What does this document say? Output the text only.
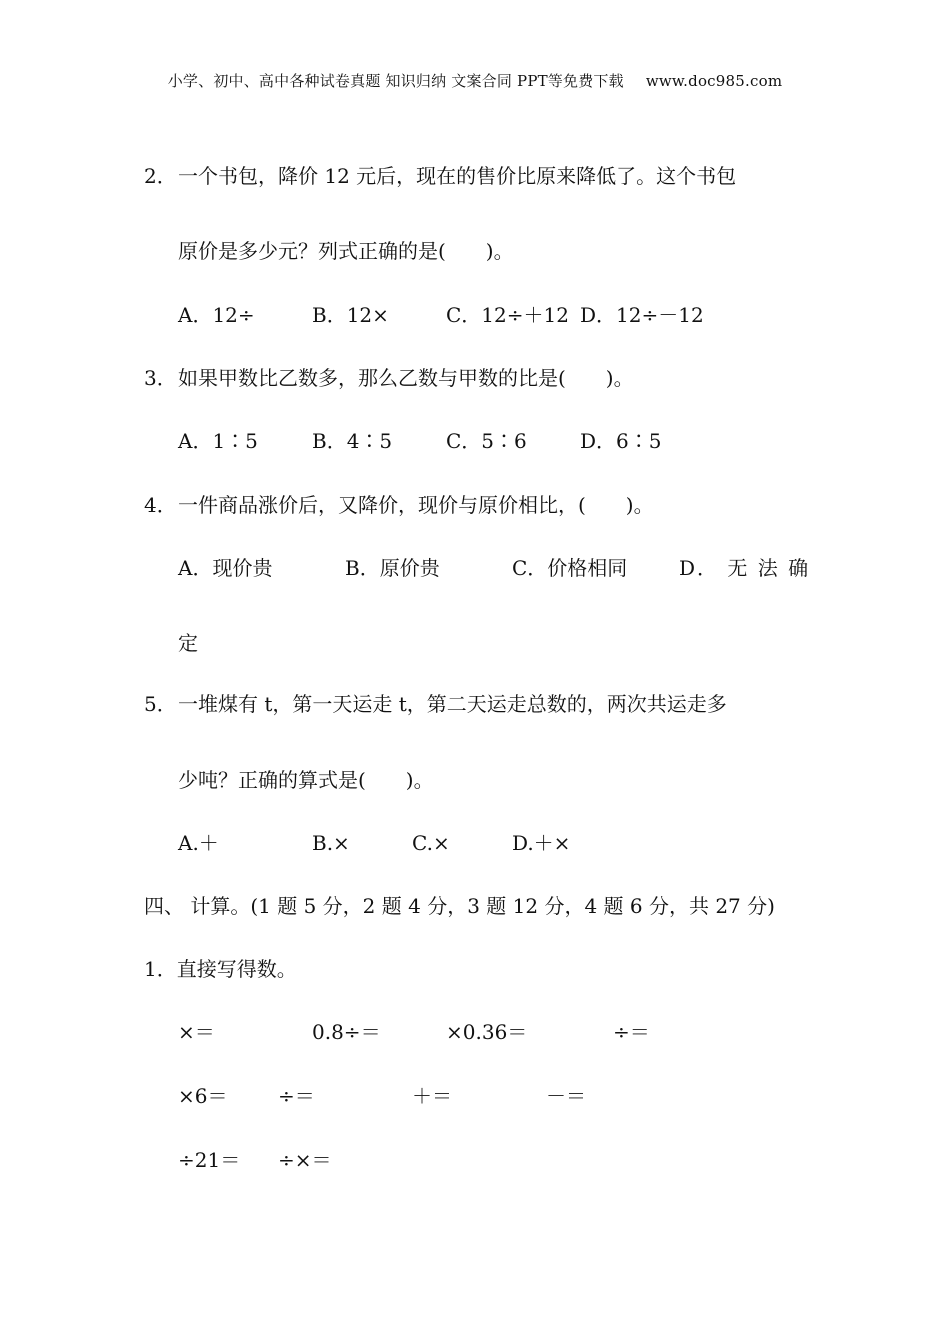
小学、初中、高中各种试卷真题 知识归纳 文案合同 PPT等免费下载 www.doc985.com
2．一个书包，降价 12 元后，现在的售价比原来降低了。这个书包
原价是多少元？列式正确的是(　　)。
A．12÷	B．12×	C．12÷＋12 D．12÷－12
3．如果甲数比乙数多，那么乙数与甲数的比是(　　)。
A．1∶5	B．4∶5	C．5∶6	D．6∶5
4．一件商品涨价后，又降价，现价与原价相比，(　　)。
A．现价贵	B．原价贵	C．价格相同	D． 无 法 确
定
5．一堆煤有 t，第一天运走 t，第二天运走总数的，两次共运走多
少吨？正确的算式是(　　)。
A.＋	B.×	C.×	D.＋×
四、 计算。(1 题 5 分，2 题 4 分，3 题 12 分，4 题 6 分，共 27 分)
1．直接写得数。
×＝	0.8÷＝	×0.36＝	÷＝
×6＝	÷＝	＋＝	－＝
÷21＝ ÷×＝
